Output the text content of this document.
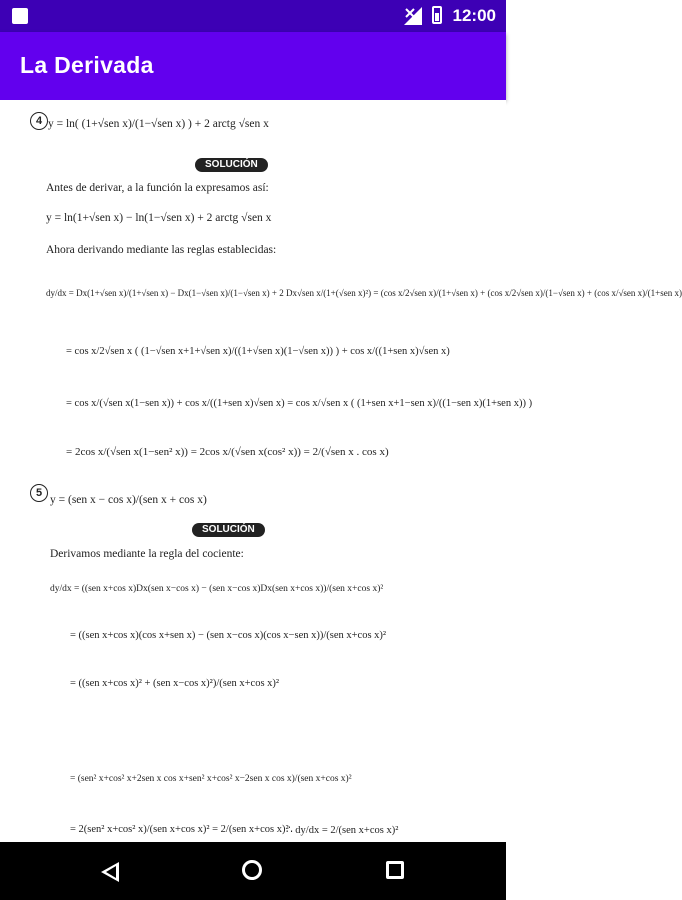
12:00
La Derivada
4 y = ln( (1+√sen x)/(1−√sen x) ) + 2 arctg √sen x
SOLUCIÓN
Antes de derivar, a la función la expresamos así:
y = ln(1+√sen x) − ln(1−√sen x) + 2 arctg √sen x
Ahora derivando mediante las reglas establecidas:
dy/dx = Dx(1+√sen x)/(1+√sen x) − Dx(1−√sen x)/(1−√sen x) + 2 Dx√sen x/(1+(√sen x)²) = (cos x/2√sen x)/(1+√sen x) + (cos x/2√sen x)/(1−√sen x) + (cos x/√sen x)/(1+sen x)
= cos x/2√sen x ( (1−√sen x+1+√sen x)/((1+√sen x)(1−√sen x)) ) + cos x/((1+sen x)√sen x)
= cos x/(√sen x(1−sen x)) + cos x/((1+sen x)√sen x) = cos x/√sen x ( (1+sen x+1−sen x)/((1−sen x)(1+sen x)) )
= 2cos x/(√sen x(1−sen² x)) = 2cos x/(√sen x(cos² x)) = 2/(√sen x . cos x)
5
y = (sen x − cos x)/(sen x + cos x)
SOLUCIÓN
Derivamos mediante la regla del cociente:
dy/dx = ((sen x+cos x)Dx(sen x−cos x) − (sen x−cos x)Dx(sen x+cos x))/(sen x+cos x)²
= ((sen x+cos x)(cos x+sen x) − (sen x−cos x)(cos x−sen x))/(sen x+cos x)²
= ((sen x+cos x)² + (sen x−cos x)²)/(sen x+cos x)²
= (sen² x+cos² x+2sen x cos x+sen² x+cos² x−2sen x cos x)/(sen x+cos x)²
= 2(sen² x+cos² x)/(sen x+cos x)² = 2/(sen x+cos x)²
∴ dy/dx = 2/(sen x+cos x)²
